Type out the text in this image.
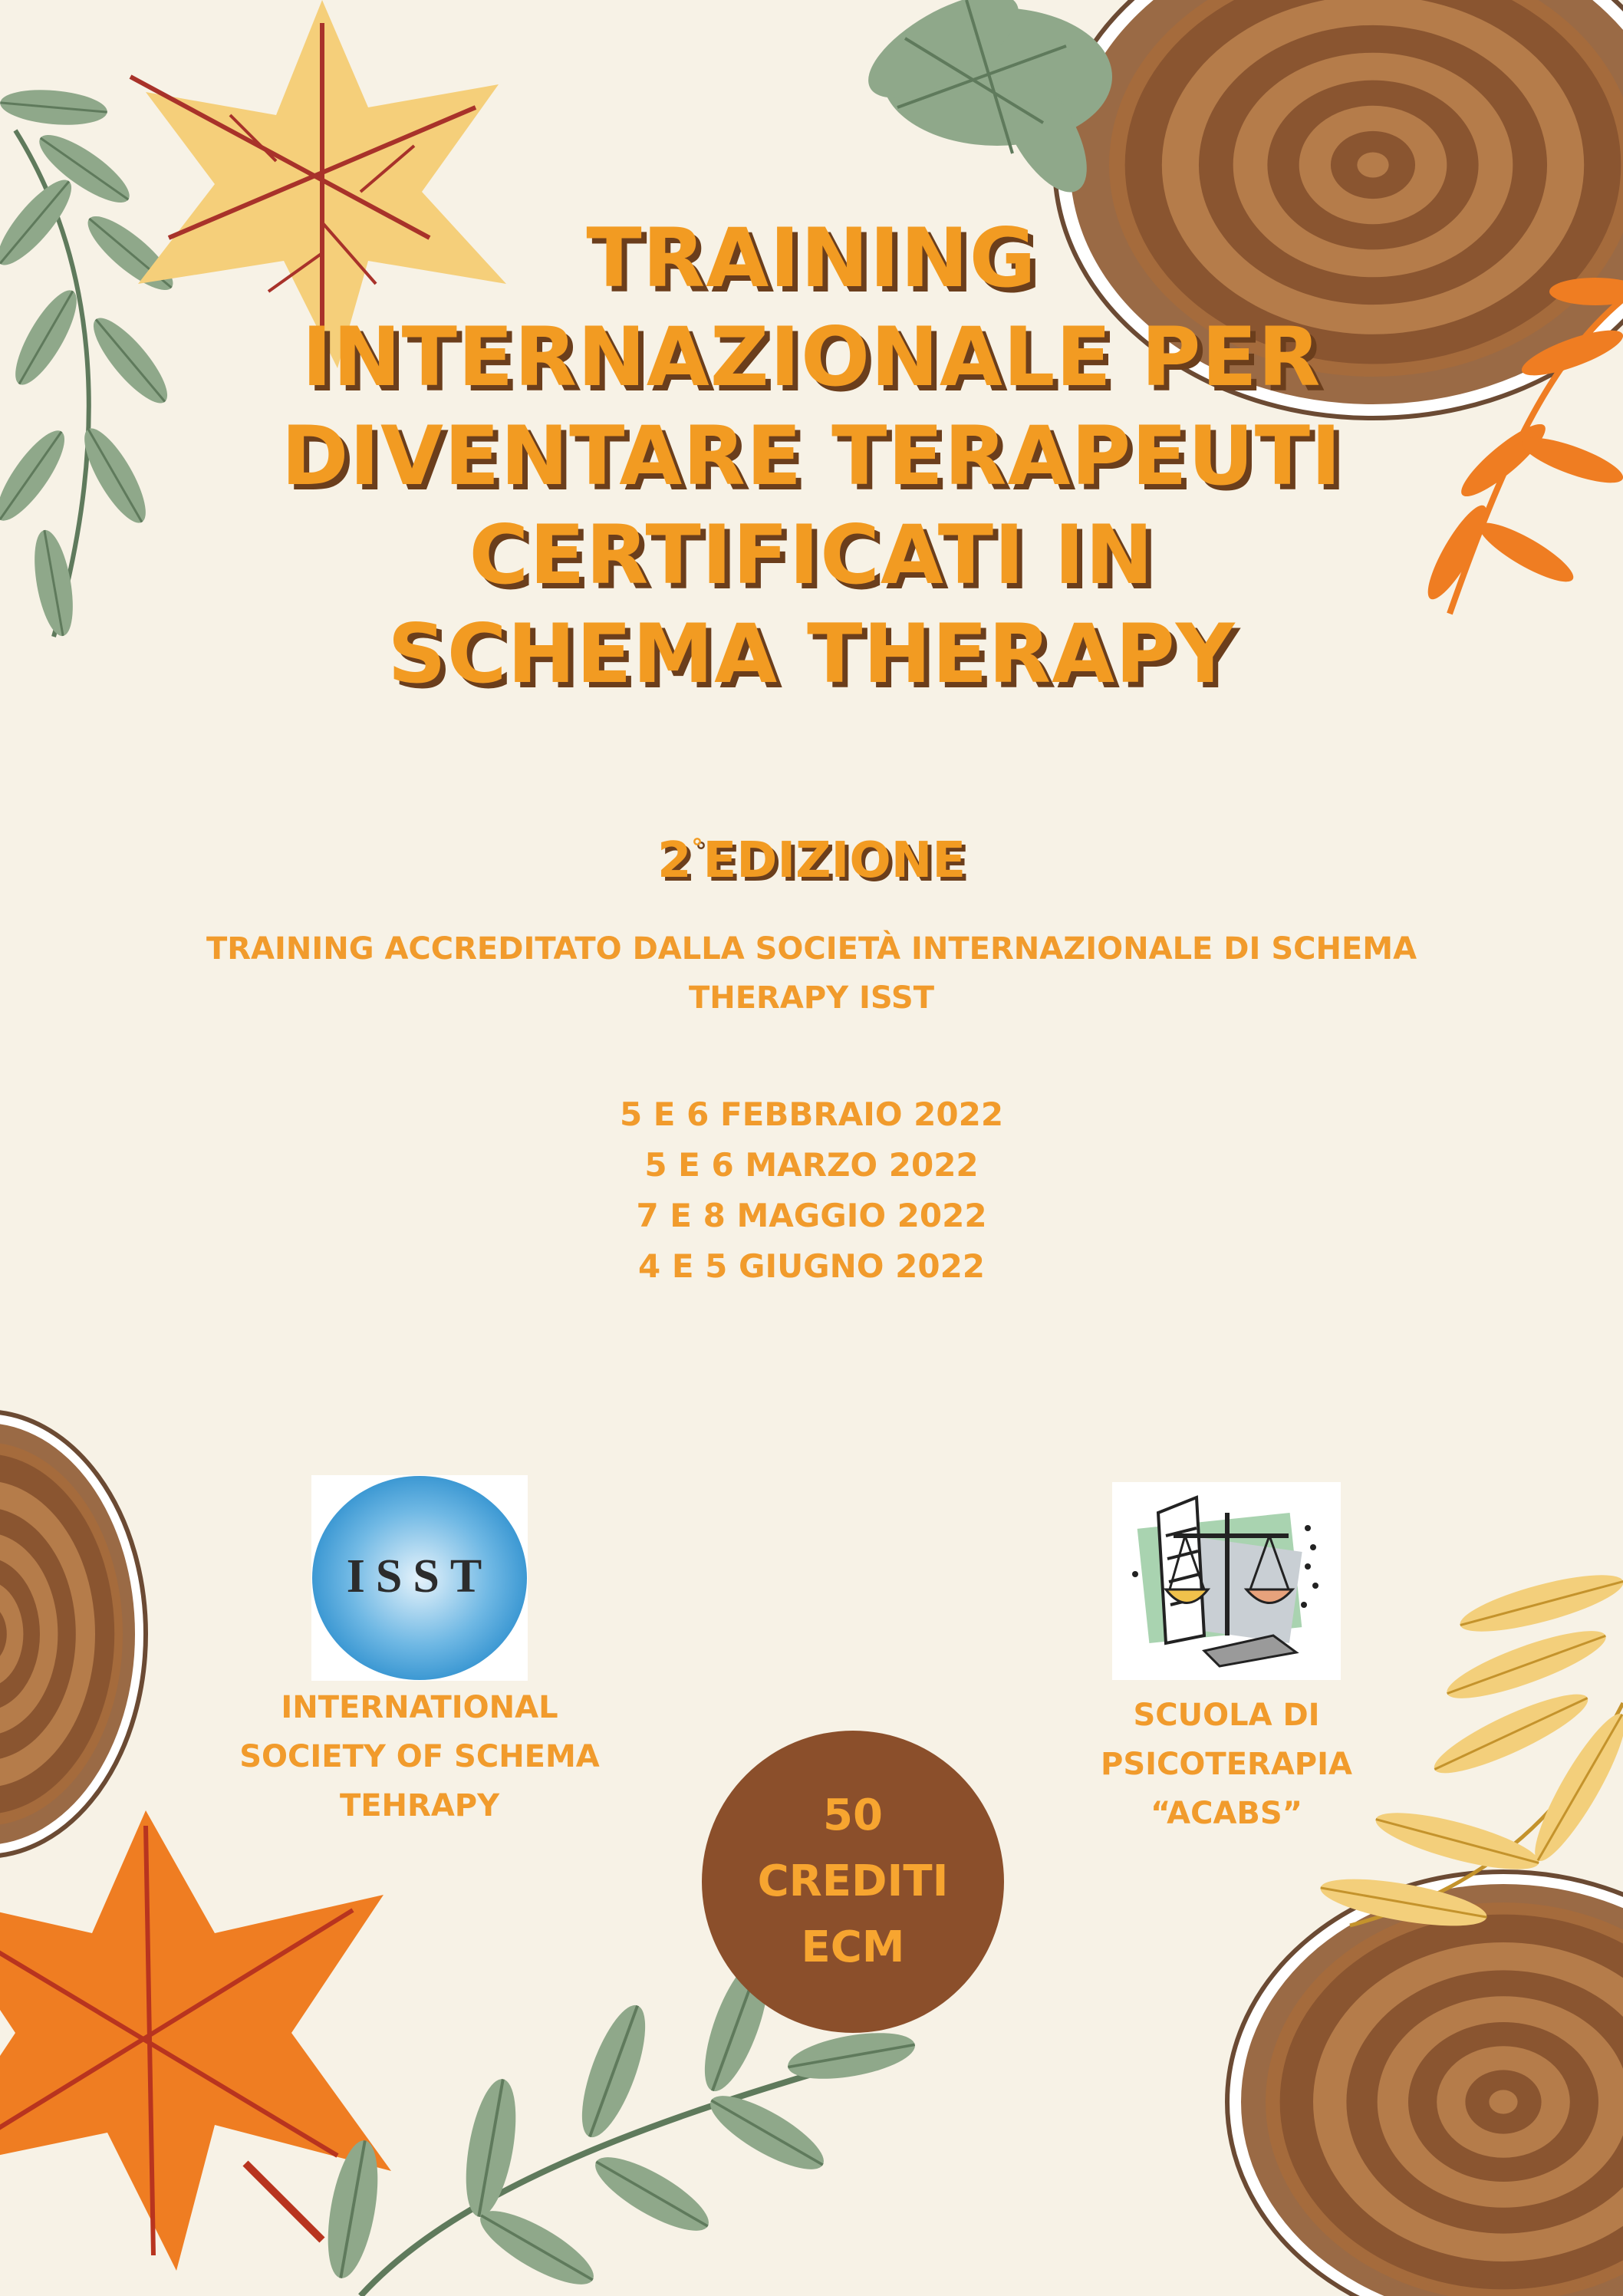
TRAINING
INTERNAZIONALE PER
DIVENTARE TERAPEUTI
CERTIFICATI IN
SCHEMA THERAPY
2°EDIZIONE
TRAINING ACCREDITATO DALLA SOCIETÀ INTERNAZIONALE DI SCHEMA
THERAPY ISST
5 E 6 FEBBRAIO 2022
5 E 6 MARZO 2022
7 E 8 MAGGIO 2022
4 E 5 GIUGNO 2022
ISST
INTERNATIONAL
SOCIETY OF SCHEMA
TEHRAPY
SCUOLA DI
PSICOTERAPIA
“ACABS”
50
CREDITI
ECM
